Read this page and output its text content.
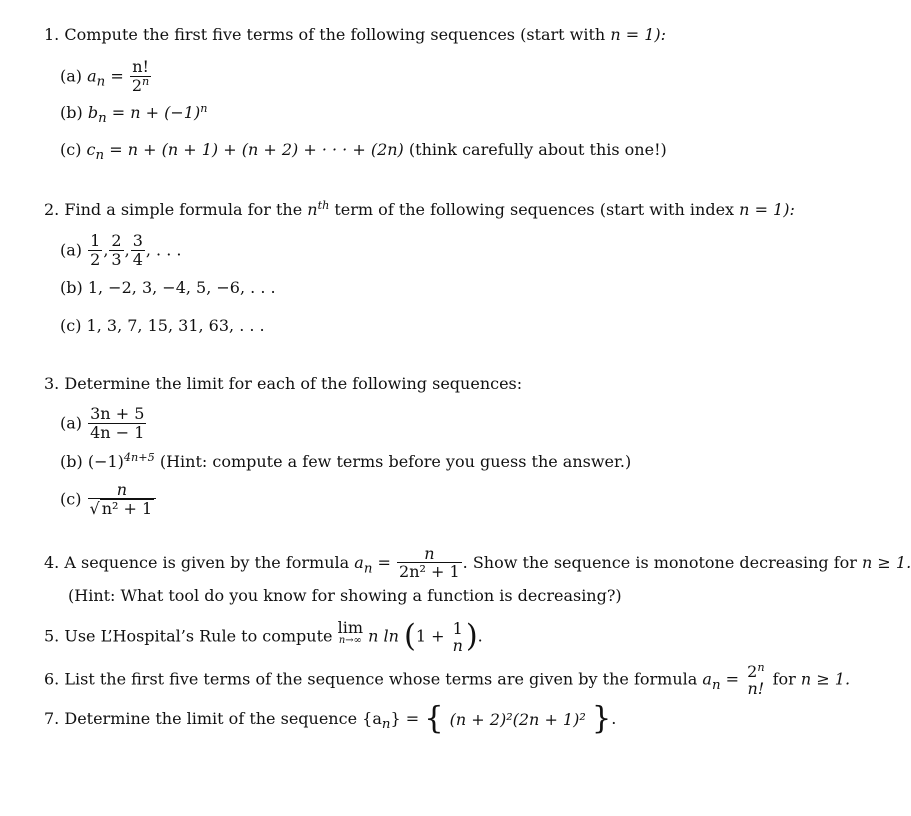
1. Compute the first five terms of the following sequences (start with n = 1):
(a) $a_n = \frac{n!}{2^n}$
(b) $b_n = n + (-1)^n$
(c) $c_n = n + (n + 1) + (n + 2)$ + · · · + (2n) (think carefully about this one!)
2. Find a simple formula for the $n^{th}$ term of the following sequences (start with index n = 1):
$(a) \frac{1}{2}$ , $\frac{2}{3}$ , $\frac{3}{4}$ , . . .
(b) 1, −2, 3, −4, 5, −6, . . .
(c) 1, 3, 7, 15, 31, 63, . . .
3. Determine the limit for each of the following sequences:
$(a) \frac{3n + 5}{4n - 1}$
(b) $(-1)^{4n+5}$ (Hint: compute a few terms before you guess the answer.)
$(c) \frac{n}{\text{√ n² + 1}}$
4. A sequence is given by the formula $a_n = \frac{n}{\text{2n² + 1}}$ . Show the sequence is monotone decreasing for n ≥ 1.
(Hint: What tool do you know for showing a function is decreasing?)
5. Use L’Hospital’s Rule to compute lim
n→∞ n ln (1 + 1
n).
6. List the first five terms of the sequence whose terms are given by the formula $a_n = 2^n$
n! for n ≥ 1.
7. Determine the limit of the sequence $\{a_n\}$ = { (n + 2)²(2n + 1)² }.
